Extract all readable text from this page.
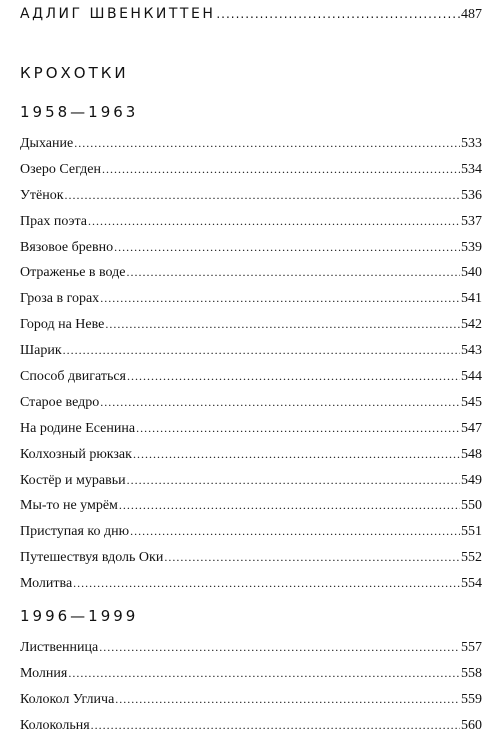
АДЛИГ ШВЕНКИТТЕН .....	487
КРОХОТКИ
1958—1963
Дыхание .....	533
Озеро Сегден .....	534
Утёнок .....	536
Прах поэта .....	537
Вязовое бревно .....	539
Отраженье в воде .....	540
Гроза в горах .....	541
Город на Неве .....	542
Шарик .....	543
Способ двигаться .....	544
Старое ведро .....	545
На родине Есенина .....	547
Колхозный рюкзак .....	548
Костёр и муравьи .....	549
Мы-то не умрём .....	550
Приступая ко дню .....	551
Путешествуя вдоль Оки .....	552
Молитва .....	554
1996—1999
Лиственница .....	557
Молния .....	558
Колокол Углича .....	559
Колокольня .....	560
